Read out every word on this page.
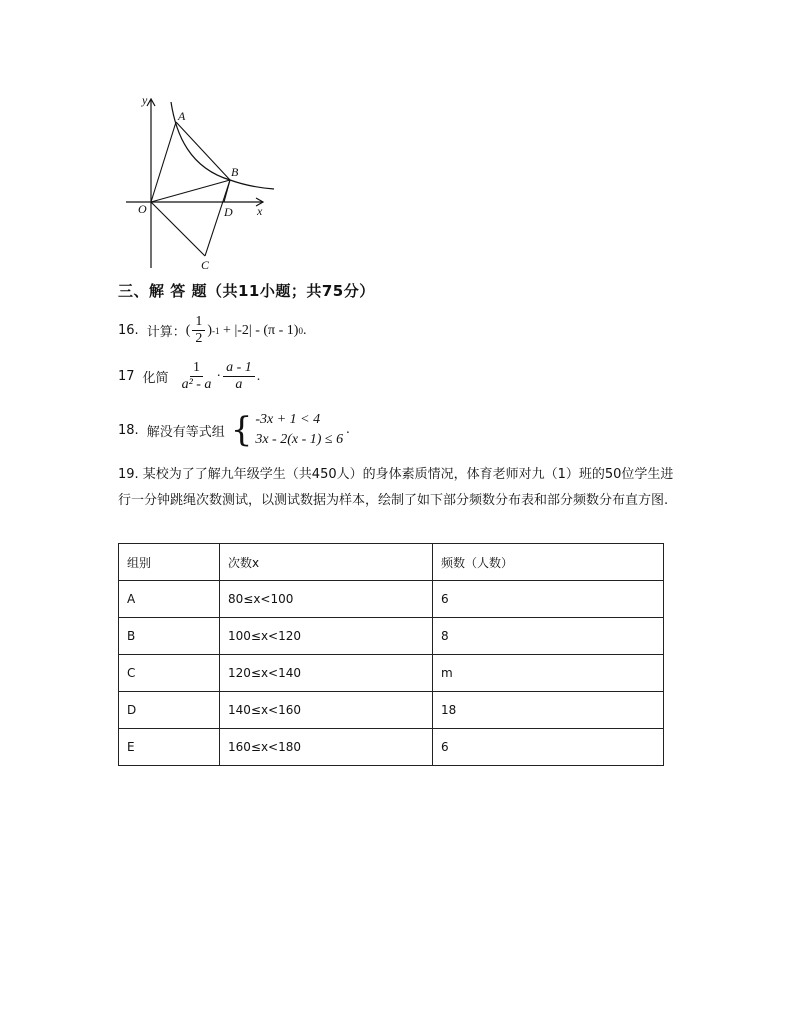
y
x
A
B
O	D
C
三、解 答 题（共11小题；共75分）
16. 计算： ( $\frac{1}{2}$ ) -1 + |-2| - (π - 1) 0 .
17 化简 $\frac{1}{\text{a² - a}} \cdot \frac{a - 1}{a}$ .
18. 解没有等式组 { -3x + 1 < 4
3x - 2(x - 1) ≤ 6
.
19. 某校为了了解九年级学生（共450人）的身体素质情况，体育老师对九（1）班的50位学生进行一分钟跳绳次数测试，以测试数据为样本，绘制了如下部分频数分布表和部分频数分布直方图.
组别	次数x	频数（人数）
A	80≤x<100	6
B	100≤x<120	8
C	120≤x<140	m
D	140≤x<160	18
E	160≤x<180	6
